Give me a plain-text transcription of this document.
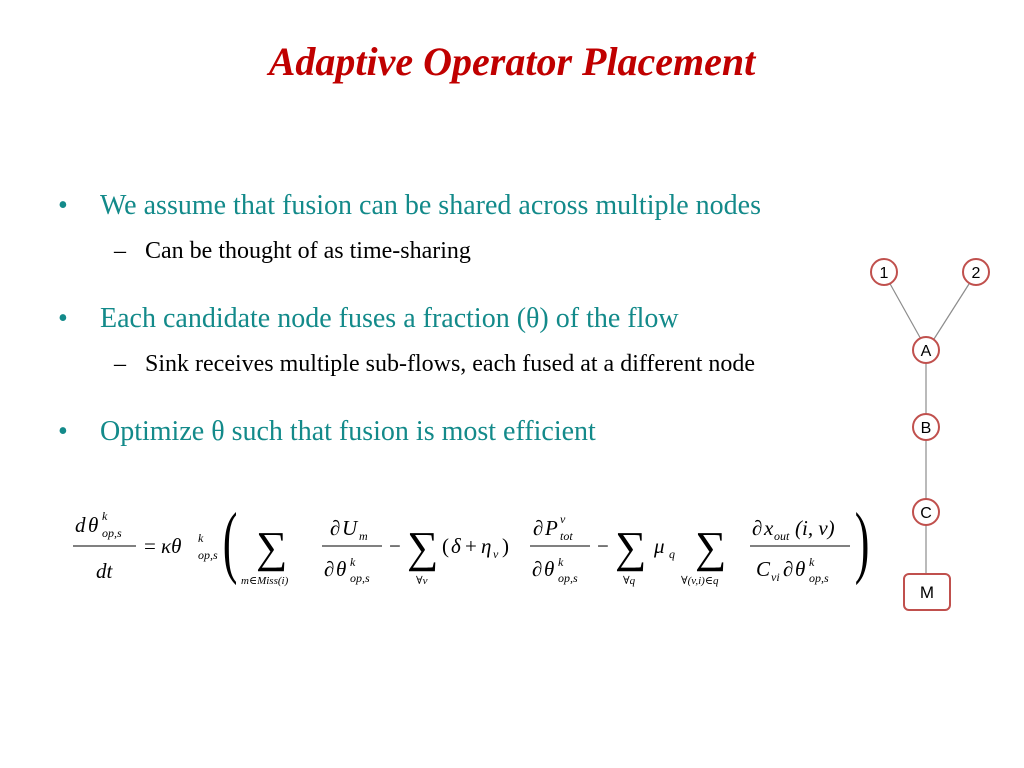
Adaptive Operator Placement
• We assume that fusion can be shared across multiple nodes
– Can be thought of as time-sharing
• Each candidate node fuses a fraction (θ) of the flow
– Sink receives multiple sub-flows, each fused at a different node
• Optimize θ such that fusion is most efficient
d θ k
op,s
dt
= κθ k
op,s ( ∑
m∈Miss(i)
∂ U m
∂ θ k
op,s
− ∑
∀v
( δ + η v )
∂ P v
tot
∂ θ k
op,s
− ∑
∀q
μ q ∑
∀(v,i)∈q
∂ x out (i, v)
C vi ∂ θ k
op,s )
1	2
A
B
C
M
